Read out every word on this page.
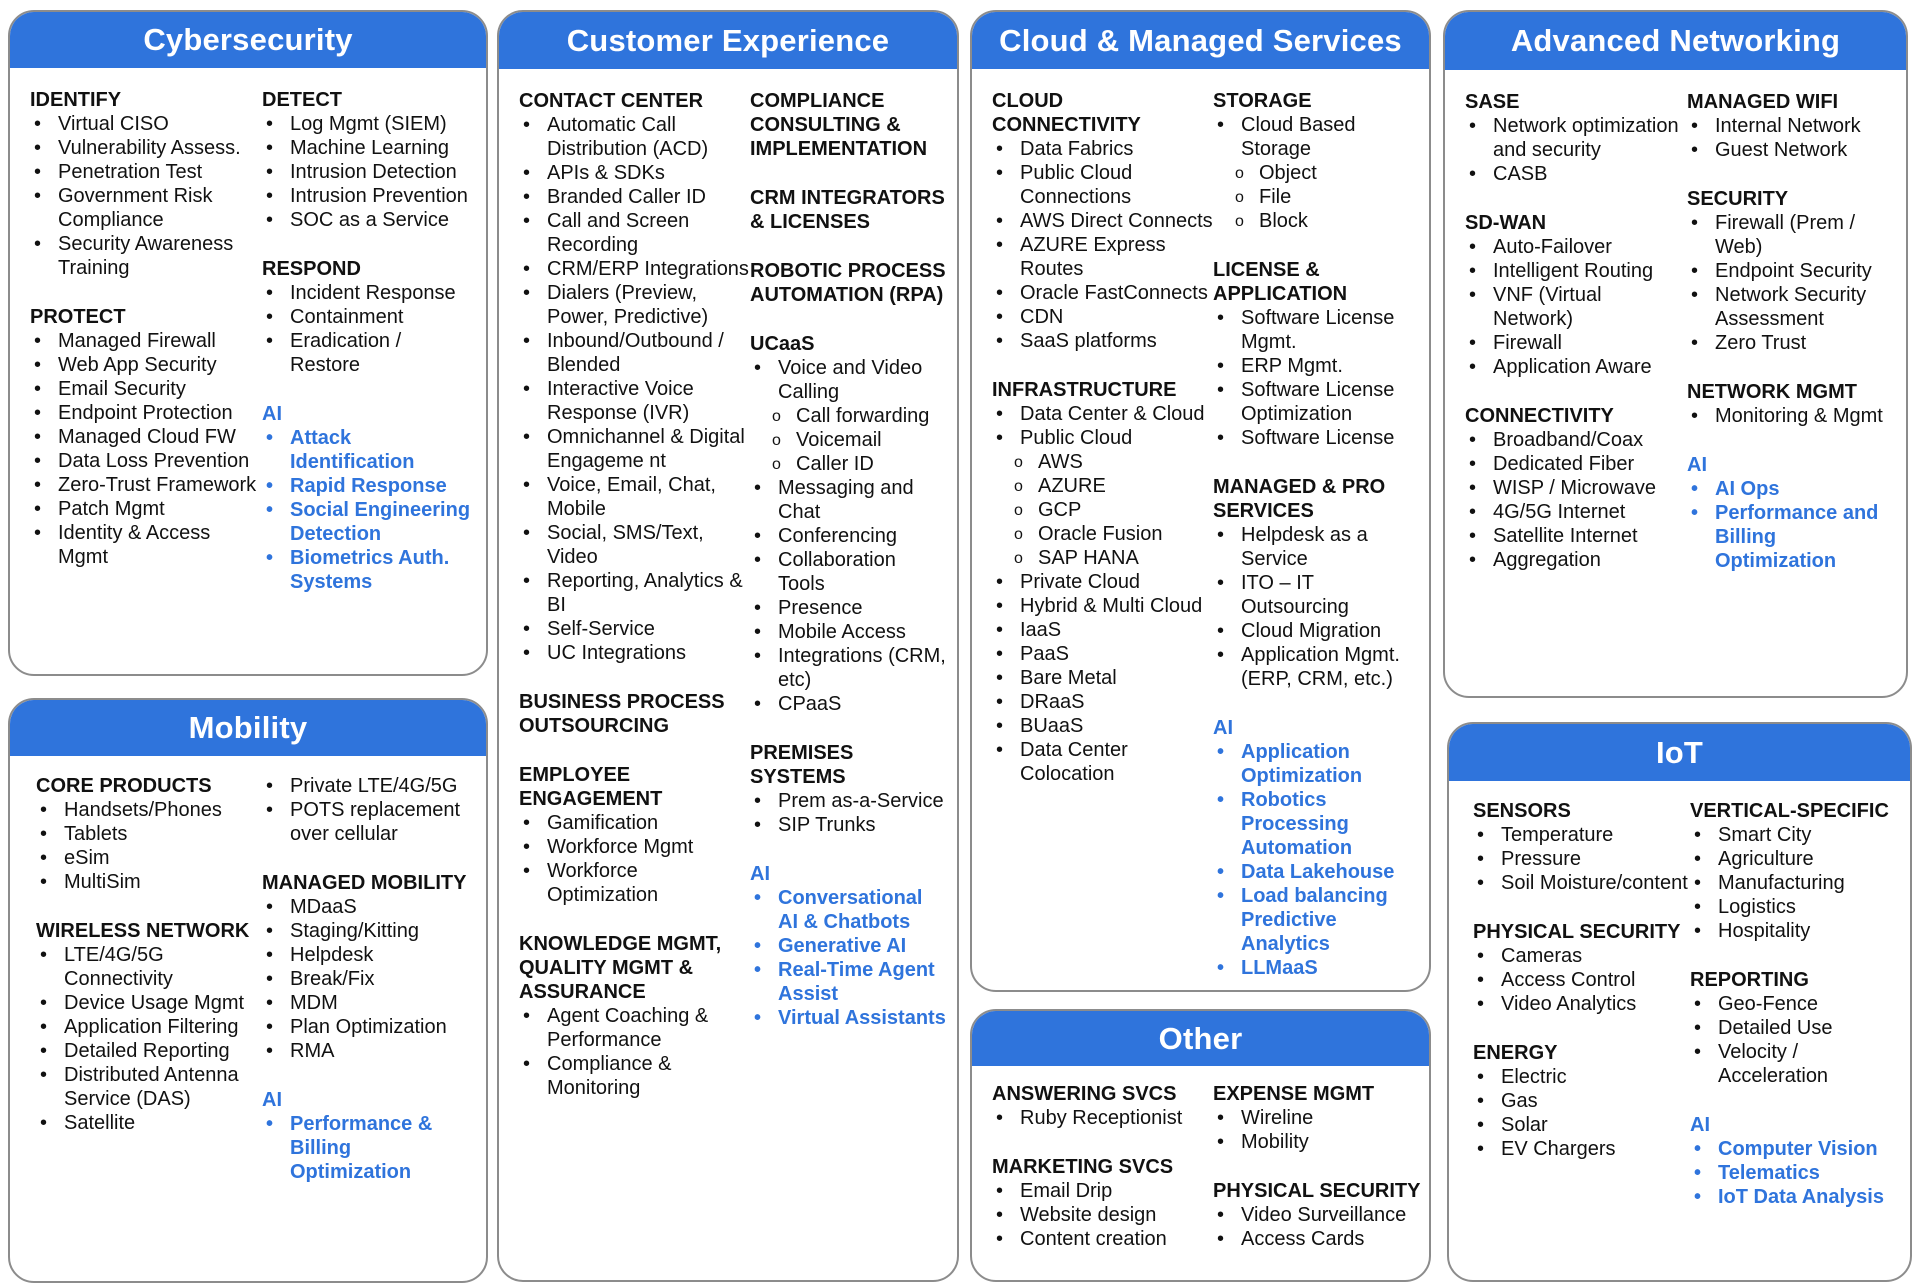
Cybersecurity
IDENTIFY
• Virtual CISO
• Vulnerability Assess.
• Penetration Test
• Government Risk Compliance
• Security Awareness Training
PROTECT
• Managed Firewall
• Web App Security
• Email Security
• Endpoint Protection
• Managed Cloud FW
• Data Loss Prevention
• Zero-Trust Framework
• Patch Mgmt
• Identity & Access Mgmt
DETECT
• Log Mgmt (SIEM)
• Machine Learning
• Intrusion Detection
• Intrusion Prevention
• SOC as a Service
RESPOND
• Incident Response
• Containment
• Eradication / Restore
AI
• Attack Identification
• Rapid Response
• Social Engineering Detection
• Biometrics Auth. Systems
Mobility
CORE PRODUCTS
• Handsets/Phones
• Tablets
• eSim
• MultiSim
WIRELESS NETWORK
• LTE/4G/5G Connectivity
• Device Usage Mgmt
• Application Filtering
• Detailed Reporting
• Distributed Antenna Service (DAS)
• Satellite
• Private LTE/4G/5G
• POTS replacement over cellular
MANAGED MOBILITY
• MDaaS
• Staging/Kitting
• Helpdesk
• Break/Fix
• MDM
• Plan Optimization
• RMA
AI
• Performance & Billing Optimization
Customer Experience
CONTACT CENTER
• Automatic Call Distribution (ACD)
• APIs & SDKs
• Branded Caller ID
• Call and Screen Recording
• CRM/ERP Integrations
• Dialers (Preview, Power, Predictive)
• Inbound/Outbound / Blended
• Interactive Voice Response (IVR)
• Omnichannel & Digital Engageme nt
• Voice, Email, Chat, Mobile
• Social, SMS/Text, Video
• Reporting, Analytics & BI
• Self-Service
• UC Integrations
BUSINESS PROCESS OUTSOURCING
EMPLOYEE ENGAGEMENT
• Gamification
• Workforce Mgmt
• Workforce Optimization
KNOWLEDGE MGMT, QUALITY MGMT & ASSURANCE
• Agent Coaching & Performance
• Compliance & Monitoring
COMPLIANCE CONSULTING & IMPLEMENTATION
CRM INTEGRATORS & LICENSES
ROBOTIC PROCESS AUTOMATION (RPA)
UCaaS
• Voice and Video Calling
o Call forwarding
o Voicemail
o Caller ID
• Messaging and Chat
• Conferencing
• Collaboration Tools
• Presence
• Mobile Access
• Integrations (CRM, etc)
• CPaaS
PREMISES SYSTEMS
• Prem as-a-Service
• SIP Trunks
AI
• Conversational AI & Chatbots
• Generative AI
• Real-Time Agent Assist
• Virtual Assistants
Cloud & Managed Services
CLOUD CONNECTIVITY
• Data Fabrics
• Public Cloud Connections
• AWS Direct Connects
• AZURE Express Routes
• Oracle FastConnects
• CDN
• SaaS platforms
INFRASTRUCTURE
• Data Center & Cloud
• Public Cloud
o AWS
o AZURE
o GCP
o Oracle Fusion
o SAP HANA
• Private Cloud
• Hybrid & Multi Cloud
• IaaS
• PaaS
• Bare Metal
• DRaaS
• BUaaS
• Data Center Colocation
STORAGE
• Cloud Based Storage
o Object
o File
o Block
LICENSE & APPLICATION
• Software License Mgmt.
• ERP Mgmt.
• Software License Optimization
• Software License
MANAGED & PRO SERVICES
• Helpdesk as a Service
• ITO – IT Outsourcing
• Cloud Migration
• Application Mgmt. (ERP, CRM, etc.)
AI
• Application Optimization
• Robotics Processing Automation
• Data Lakehouse
• Load balancing Predictive Analytics
• LLMaaS
Other
ANSWERING SVCS
• Ruby Receptionist
MARKETING SVCS
• Email Drip
• Website design
• Content creation
EXPENSE MGMT
• Wireline
• Mobility
PHYSICAL SECURITY
• Video Surveillance
• Access Cards
Advanced Networking
SASE
• Network optimization and security
• CASB
SD-WAN
• Auto-Failover
• Intelligent Routing
• VNF (Virtual Network)
• Firewall
• Application Aware
CONNECTIVITY
• Broadband/Coax
• Dedicated Fiber
• WISP / Microwave
• 4G/5G Internet
• Satellite Internet
• Aggregation
MANAGED WIFI
• Internal Network
• Guest Network
SECURITY
• Firewall (Prem / Web)
• Endpoint Security
• Network Security Assessment
• Zero Trust
NETWORK MGMT
• Monitoring & Mgmt
AI
• AI Ops
• Performance and Billing Optimization
IoT
SENSORS
• Temperature
• Pressure
• Soil Moisture/content
PHYSICAL SECURITY
• Cameras
• Access Control
• Video Analytics
ENERGY
• Electric
• Gas
• Solar
• EV Chargers
VERTICAL-SPECIFIC
• Smart City
• Agriculture
• Manufacturing
• Logistics
• Hospitality
REPORTING
• Geo-Fence
• Detailed Use
• Velocity / Acceleration
AI
• Computer Vision
• Telematics
• IoT Data Analysis
